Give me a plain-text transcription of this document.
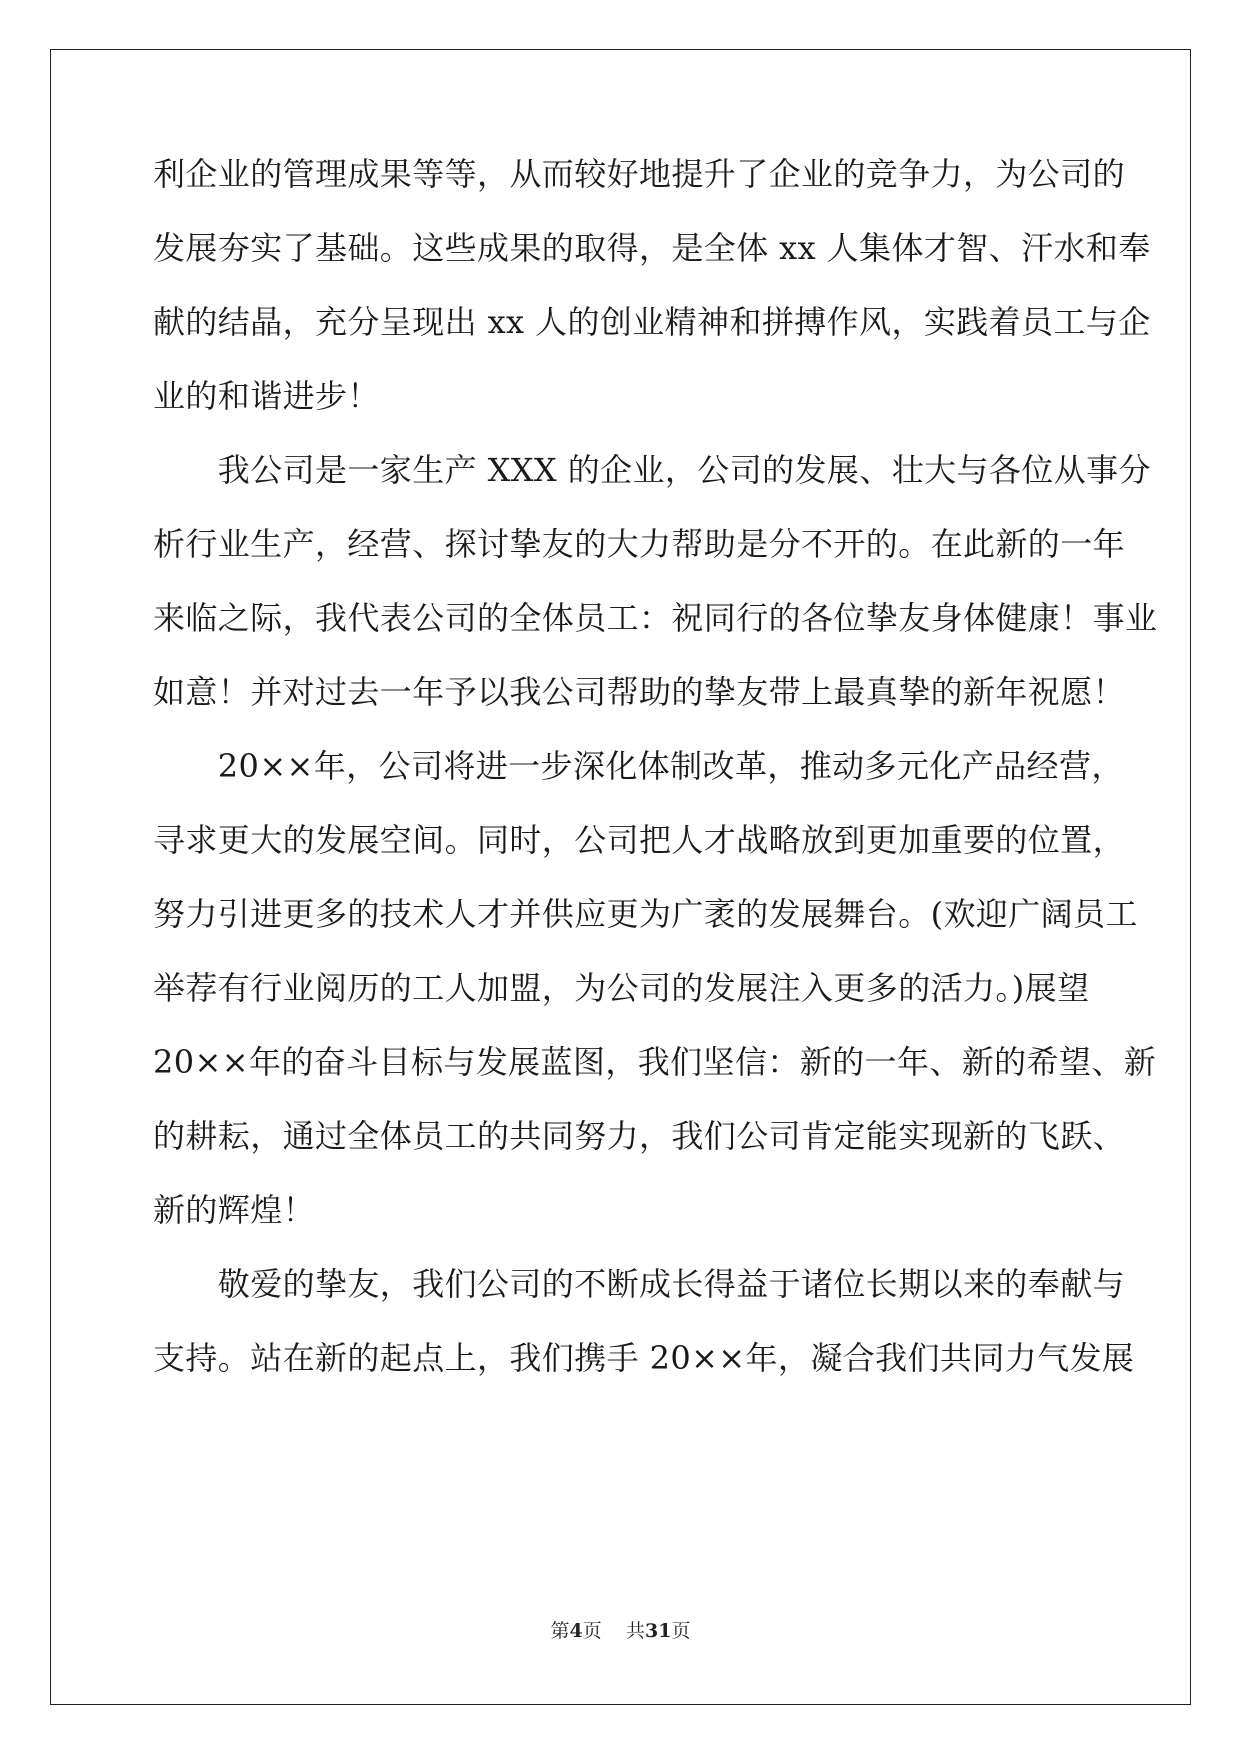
利企业的管理成果等等，从而较好地提升了企业的竞争力，为公司的
发展夯实了基础。这些成果的取得，是全体 xx 人集体才智、汗水和奉
献的结晶，充分呈现出 xx 人的创业精神和拼搏作风，实践着员工与企
业的和谐进步！
　　我公司是一家生产 XXX 的企业，公司的发展、壮大与各位从事分
析行业生产，经营、探讨挚友的大力帮助是分不开的。在此新的一年
来临之际，我代表公司的全体员工：祝同行的各位挚友身体健康！事业
如意！并对过去一年予以我公司帮助的挚友带上最真挚的新年祝愿！
　　20××年，公司将进一步深化体制改革，推动多元化产品经营，
寻求更大的发展空间。同时，公司把人才战略放到更加重要的位置，
努力引进更多的技术人才并供应更为广袤的发展舞台。(欢迎广阔员工
举荐有行业阅历的工人加盟，为公司的发展注入更多的活力。)展望
20××年的奋斗目标与发展蓝图，我们坚信：新的一年、新的希望、新
的耕耘，通过全体员工的共同努力，我们公司肯定能实现新的飞跃、
新的辉煌！
　　敬爱的挚友，我们公司的不断成长得益于诸位长期以来的奉献与
支持。站在新的起点上，我们携手 20××年，凝合我们共同力气发展
第4页 共31页
